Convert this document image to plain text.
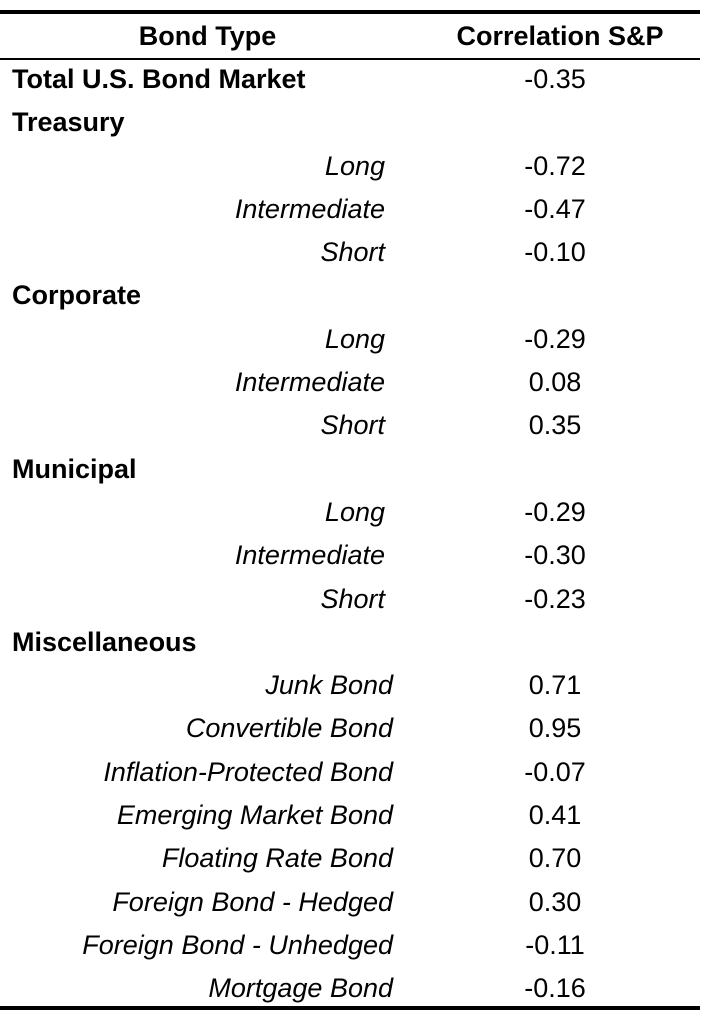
Bond Type	Correlation S&P
Total U.S. Bond Market	-0.35
Treasury
Long	-0.72
Intermediate	-0.47
Short	-0.10
Corporate
Long	-0.29
Intermediate	0.08
Short	0.35
Municipal
Long	-0.29
Intermediate	-0.30
Short	-0.23
Miscellaneous
Junk Bond	0.71
Convertible Bond	0.95
Inflation-Protected Bond	-0.07
Emerging Market Bond	0.41
Floating Rate Bond	0.70
Foreign Bond - Hedged	0.30
Foreign Bond - Unhedged	-0.11
Mortgage Bond	-0.16
